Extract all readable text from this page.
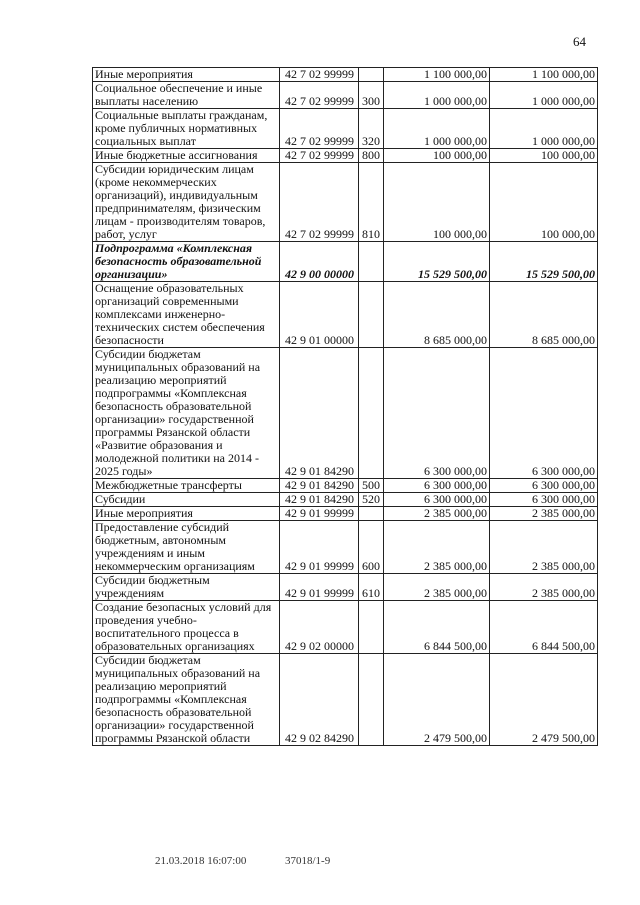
64
Иные мероприятия	42 7 02 99999		1 100 000,00	1 100 000,00
Социальное обеспечение и иные выплаты населению	42 7 02 99999	300	1 000 000,00	1 000 000,00
Социальные выплаты гражданам, кроме публичных нормативных социальных выплат	42 7 02 99999	320	1 000 000,00	1 000 000,00
Иные бюджетные ассигнования	42 7 02 99999	800	100 000,00	100 000,00
Субсидии юридическим лицам (кроме некоммерческих организаций), индивидуальным предпринимателям, физическим лицам - производителям товаров, работ, услуг	42 7 02 99999	810	100 000,00	100 000,00
Подпрограмма «Комплексная безопасность образовательной организации»	42 9 00 00000		15 529 500,00	15 529 500,00
Оснащение образовательных организаций современными комплексами инженерно-технических систем обеспечения безопасности	42 9 01 00000		8 685 000,00	8 685 000,00
Субсидии бюджетам муниципальных образований на реализацию мероприятий подпрограммы «Комплексная безопасность образовательной организации» государственной программы Рязанской области «Развитие образования и молодежной политики на 2014 - 2025 годы»	42 9 01 84290		6 300 000,00	6 300 000,00
Межбюджетные трансферты	42 9 01 84290	500	6 300 000,00	6 300 000,00
Субсидии	42 9 01 84290	520	6 300 000,00	6 300 000,00
Иные мероприятия	42 9 01 99999		2 385 000,00	2 385 000,00
Предоставление субсидий бюджетным, автономным учреждениям и иным некоммерческим организациям	42 9 01 99999	600	2 385 000,00	2 385 000,00
Субсидии бюджетным учреждениям	42 9 01 99999	610	2 385 000,00	2 385 000,00
Создание безопасных условий для проведения учебно-воспитательного процесса в образовательных организациях	42 9 02 00000		6 844 500,00	6 844 500,00
Субсидии бюджетам муниципальных образований на реализацию мероприятий подпрограммы «Комплексная безопасность образовательной организации» государственной программы Рязанской области	42 9 02 84290		2 479 500,00	2 479 500,00
21.03.2018 16:07:00	37018/1-9
